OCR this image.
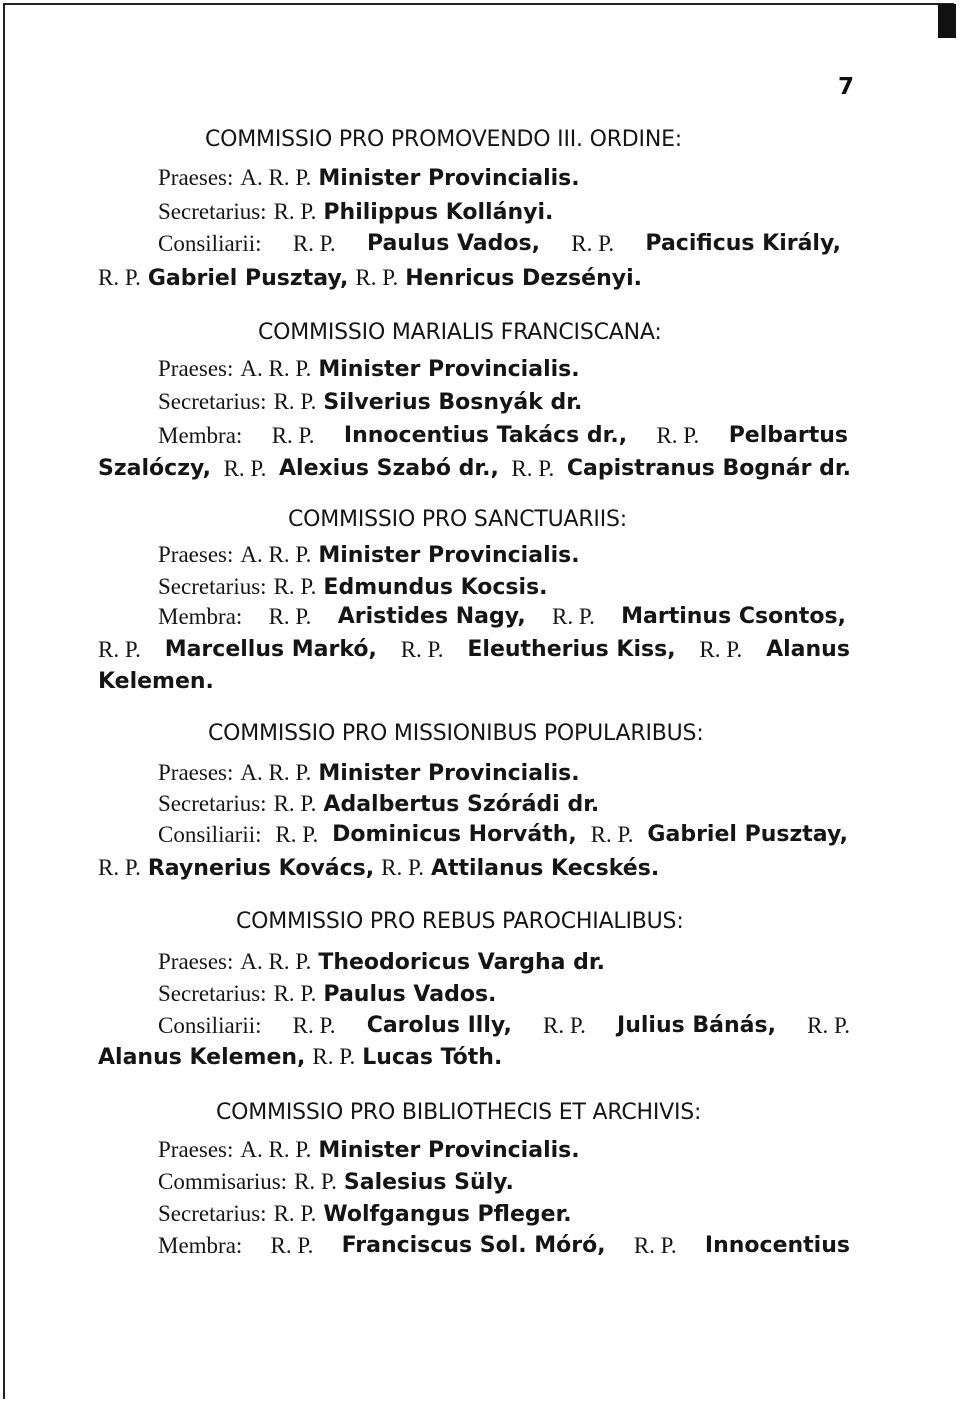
7
COMMISSIO PRO PROMOVENDO III. ORDINE:
Praeses: A. R. P. Minister Provincialis.
Secretarius: R. P. Philippus Kollányi.
Consiliarii: R. P. Paulus Vados, R. P. Pacificus Király,
R. P. Gabriel Pusztay, R. P. Henricus Dezsényi.
COMMISSIO MARIALIS FRANCISCANA:
Praeses: A. R. P. Minister Provincialis.
Secretarius: R. P. Silverius Bosnyák dr.
Membra: R. P. Innocentius Takács dr., R. P. Pelbartus
Szalóczy, R. P. Alexius Szabó dr., R. P. Capistranus Bognár dr.
COMMISSIO PRO SANCTUARIIS:
Praeses: A. R. P. Minister Provincialis.
Secretarius: R. P. Edmundus Kocsis.
Membra: R. P. Aristides Nagy, R. P. Martinus Csontos,
R. P. Marcellus Markó, R. P. Eleutherius Kiss, R. P. Alanus
Kelemen.
COMMISSIO PRO MISSIONIBUS POPULARIBUS:
Praeses: A. R. P. Minister Provincialis.
Secretarius: R. P. Adalbertus Szórádi dr.
Consiliarii: R. P. Dominicus Horváth, R. P. Gabriel Pusztay,
R. P. Raynerius Kovács, R. P. Attilanus Kecskés.
COMMISSIO PRO REBUS PAROCHIALIBUS:
Praeses: A. R. P. Theodoricus Vargha dr.
Secretarius: R. P. Paulus Vados.
Consiliarii: R. P. Carolus Illy, R. P. Julius Bánás, R. P.
Alanus Kelemen, R. P. Lucas Tóth.
COMMISSIO PRO BIBLIOTHECIS ET ARCHIVIS:
Praeses: A. R. P. Minister Provincialis.
Commisarius: R. P. Salesius Süly.
Secretarius: R. P. Wolfgangus Pfleger.
Membra: R. P. Franciscus Sol. Móró, R. P. Innocentius
